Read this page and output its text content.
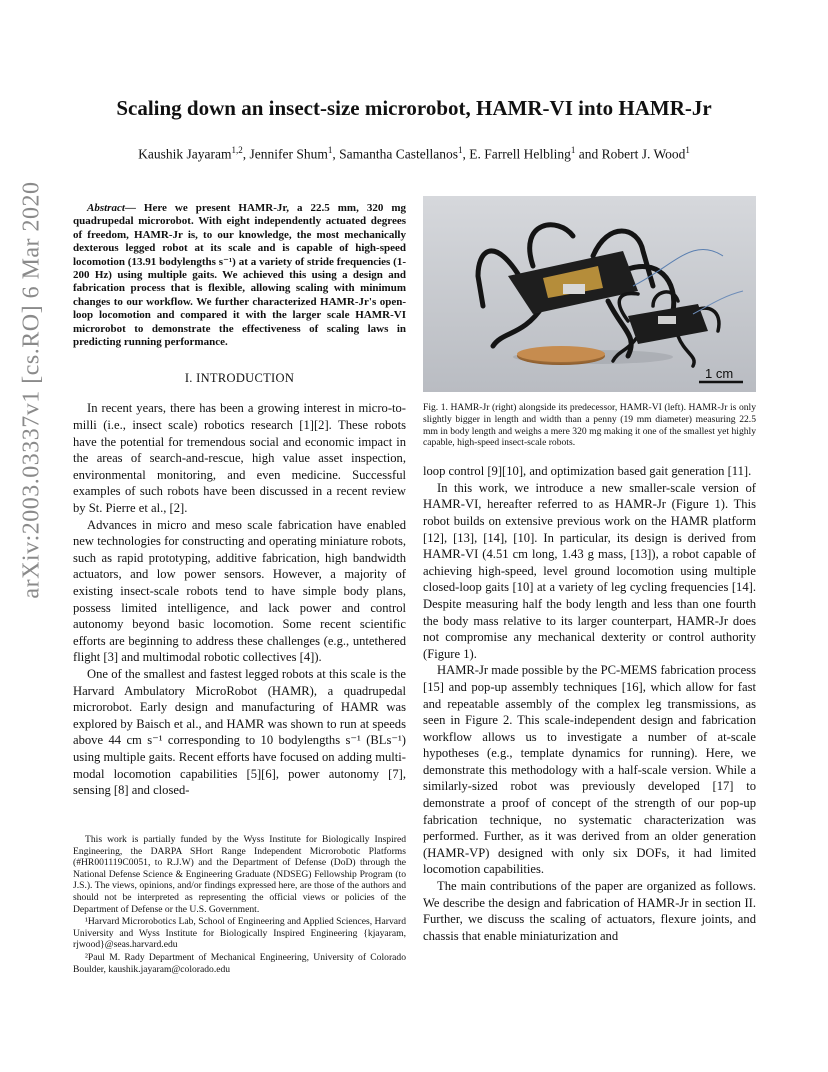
arXiv:2003.03337v1 [cs.RO] 6 Mar 2020
Scaling down an insect-size microrobot, HAMR-VI into HAMR-Jr
Kaushik Jayaram$^{1,2}$, Jennifer Shum$^1$, Samantha Castellanos$^1$, E. Farrell Helbling$^1$ and Robert J. Wood$^1$

Abstract— Here we present HAMR-Jr, a 22.5 mm, 320 mg quadrupedal microrobot. With eight independently actuated degrees of freedom, HAMR-Jr is, to our knowledge, the most mechanically dexterous legged robot at its scale and is capable of high-speed locomotion (13.91 bodylengths s⁻¹) at a variety of stride frequencies (1-200 Hz) using multiple gaits. We achieved this using a design and fabrication process that is flexible, allowing scaling with minimum changes to our workflow. We further characterized HAMR-Jr's open-loop locomotion and compared it with the larger scale HAMR-VI microrobot to demonstrate the effectiveness of scaling laws in predicting running performance.

I. INTRODUCTION

In recent years, there has been a growing interest in micro-to-milli (i.e., insect scale) robotics research [1][2]. These robots have the potential for tremendous social and economic impact in the areas of search-and-rescue, high value asset inspection, environmental monitoring, and even medicine. Successful examples of such robots have been discussed in a recent review by St. Pierre et al., [2].

Advances in micro and meso scale fabrication have enabled new technologies for constructing and operating miniature robots, such as rapid prototyping, additive fabrication, high bandwidth actuators, and low power sensors. However, a majority of existing insect-scale robots tend to have simple body plans, possess limited intelligence, and lack power and control autonomy beyond basic locomotion. Some recent scientific efforts are beginning to address these challenges (e.g., untethered flight [3] and multimodal robotic collectives [4]).

One of the smallest and fastest legged robots at this scale is the Harvard Ambulatory MicroRobot (HAMR), a quadrupedal microrobot. Early design and manufacturing of HAMR was explored by Baisch et al., and HAMR was shown to run at speeds above 44 cm s⁻¹ corresponding to 10 bodylengths s⁻¹ (BLs⁻¹) using multiple gaits. Recent efforts have focused on adding multi-modal locomotion capabilities [5][6], power autonomy [7], sensing [8] and closed-

This work is partially funded by the Wyss Institute for Biologically Inspired Engineering, the DARPA SHort Range Independent Microrobotic Platforms (#HR001119C0051, to R.J.W) and the Department of Defense (DoD) through the National Defense Science & Engineering Graduate (NDSEG) Fellowship Program (to J.S.). The views, opinions, and/or findings expressed here, are those of the authors and should not be interpreted as representing the official views or policies of the Department of Defense or the U.S. Government.

¹Harvard Microrobotics Lab, School of Engineering and Applied Sciences, Harvard University and Wyss Institute for Biologically Inspired Engineering {kjayaram, rjwood}@seas.harvard.edu

²Paul M. Rady Department of Mechanical Engineering, University of Colorado Boulder, kaushik.jayaram@colorado.edu

1 cm

Fig. 1. HAMR-Jr (right) alongside its predecessor, HAMR-VI (left). HAMR-Jr is only slightly bigger in length and width than a penny (19 mm diameter) measuring 22.5 mm in body length and weighs a mere 320 mg making it one of the smallest yet highly capable, high-speed insect-scale robots.

loop control [9][10], and optimization based gait generation [11].

In this work, we introduce a new smaller-scale version of HAMR-VI, hereafter referred to as HAMR-Jr (Figure 1). This robot builds on extensive previous work on the HAMR platform [12], [13], [14], [10]. In particular, its design is derived from HAMR-VI (4.51 cm long, 1.43 g mass, [13]), a robot capable of achieving high-speed, level ground locomotion using multiple closed-loop gaits [10] at a variety of leg cycling frequencies [14]. Despite measuring half the body length and less than one fourth the body mass relative to its larger counterpart, HAMR-Jr does not compromise any mechanical dexterity or control authority (Figure 1).

HAMR-Jr made possible by the PC-MEMS fabrication process [15] and pop-up assembly techniques [16], which allow for fast and repeatable assembly of the complex leg transmissions, as seen in Figure 2. This scale-independent design and fabrication workflow allows us to investigate a number of at-scale hypotheses (e.g., template dynamics for running). Here, we demonstrate this methodology with a half-scale version. While a similarly-sized robot was previously developed [17] to demonstrate a proof of concept of the strength of our pop-up fabrication technique, no systematic characterization was performed. Further, as it was derived from an older generation (HAMR-VP) designed with only six DOFs, it had limited locomotion capabilities.

The main contributions of the paper are organized as follows. We describe the design and fabrication of HAMR-Jr in section II. Further, we discuss the scaling of actuators, flexure joints, and chassis that enable miniaturization and
